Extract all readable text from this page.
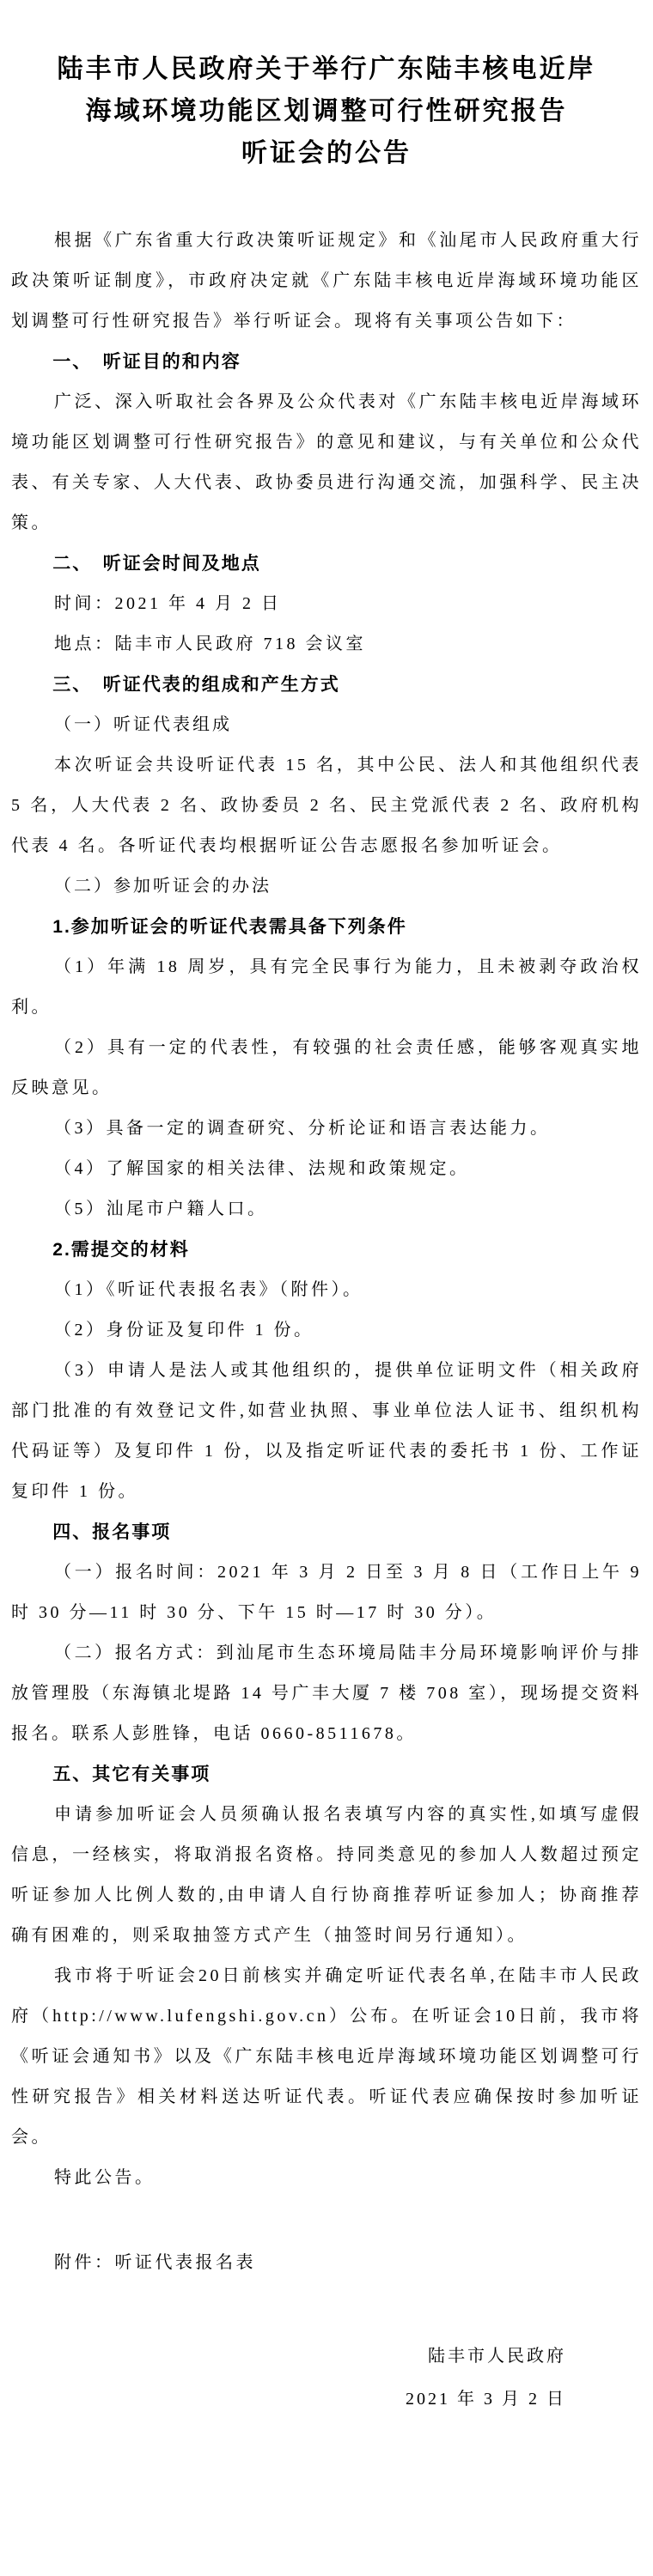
陆丰市人民政府关于举行广东陆丰核电近岸
海域环境功能区划调整可行性研究报告
听证会的公告

根据《广东省重大行政决策听证规定》和《汕尾市人民政府重大行政决策听证制度》，市政府决定就《广东陆丰核电近岸海域环境功能区划调整可行性研究报告》举行听证会。现将有关事项公告如下：

一、　听证目的和内容

广泛、深入听取社会各界及公众代表对《广东陆丰核电近岸海域环境功能区划调整可行性研究报告》的意见和建议，与有关单位和公众代表、有关专家、人大代表、政协委员进行沟通交流，加强科学、民主决策。

二、　听证会时间及地点

时间：2021 年 4 月 2 日

地点：陆丰市人民政府 718 会议室

三、　听证代表的组成和产生方式
（一）听证代表组成

本次听证会共设听证代表 15 名，其中公民、法人和其他组织代表 5 名，人大代表 2 名、政协委员 2 名、民主党派代表 2 名、政府机构代表 4 名。各听证代表均根据听证公告志愿报名参加听证会。

（二）参加听证会的办法
1.参加听证会的听证代表需具备下列条件

（1）年满 18 周岁，具有完全民事行为能力，且未被剥夺政治权利。

（2）具有一定的代表性，有较强的社会责任感，能够客观真实地反映意见。

（3）具备一定的调查研究、分析论证和语言表达能力。

（4）了解国家的相关法律、法规和政策规定。

（5）汕尾市户籍人口。

2.需提交的材料

（1）《听证代表报名表》（附件）。

（2）身份证及复印件 1 份。

（3）申请人是法人或其他组织的，提供单位证明文件（相关政府部门批准的有效登记文件,如营业执照、事业单位法人证书、组织机构代码证等）及复印件 1 份，以及指定听证代表的委托书 1 份、工作证复印件 1 份。

四、报名事项

（一）报名时间：2021 年 3 月 2 日至 3 月 8 日（工作日上午 9 时 30 分—11 时 30 分、下午 15 时—17 时 30 分）。

（二）报名方式：到汕尾市生态环境局陆丰分局环境影响评价与排放管理股（东海镇北堤路 14 号广丰大厦 7 楼 708 室），现场提交资料报名。联系人彭胜锋，电话 0660-8511678。

五、其它有关事项

申请参加听证会人员须确认报名表填写内容的真实性,如填写虚假信息，一经核实，将取消报名资格。持同类意见的参加人人数超过预定听证参加人比例人数的,由申请人自行协商推荐听证参加人；协商推荐确有困难的，则采取抽签方式产生（抽签时间另行通知）。

我市将于听证会20日前核实并确定听证代表名单,在陆丰市人民政府（http://www.lufengshi.gov.cn）公布。在听证会10日前，我市将《听证会通知书》以及《广东陆丰核电近岸海域环境功能区划调整可行性研究报告》相关材料送达听证代表。听证代表应确保按时参加听证会。

特此公告。

附件：听证代表报名表

陆丰市人民政府

2021 年 3 月 2 日
